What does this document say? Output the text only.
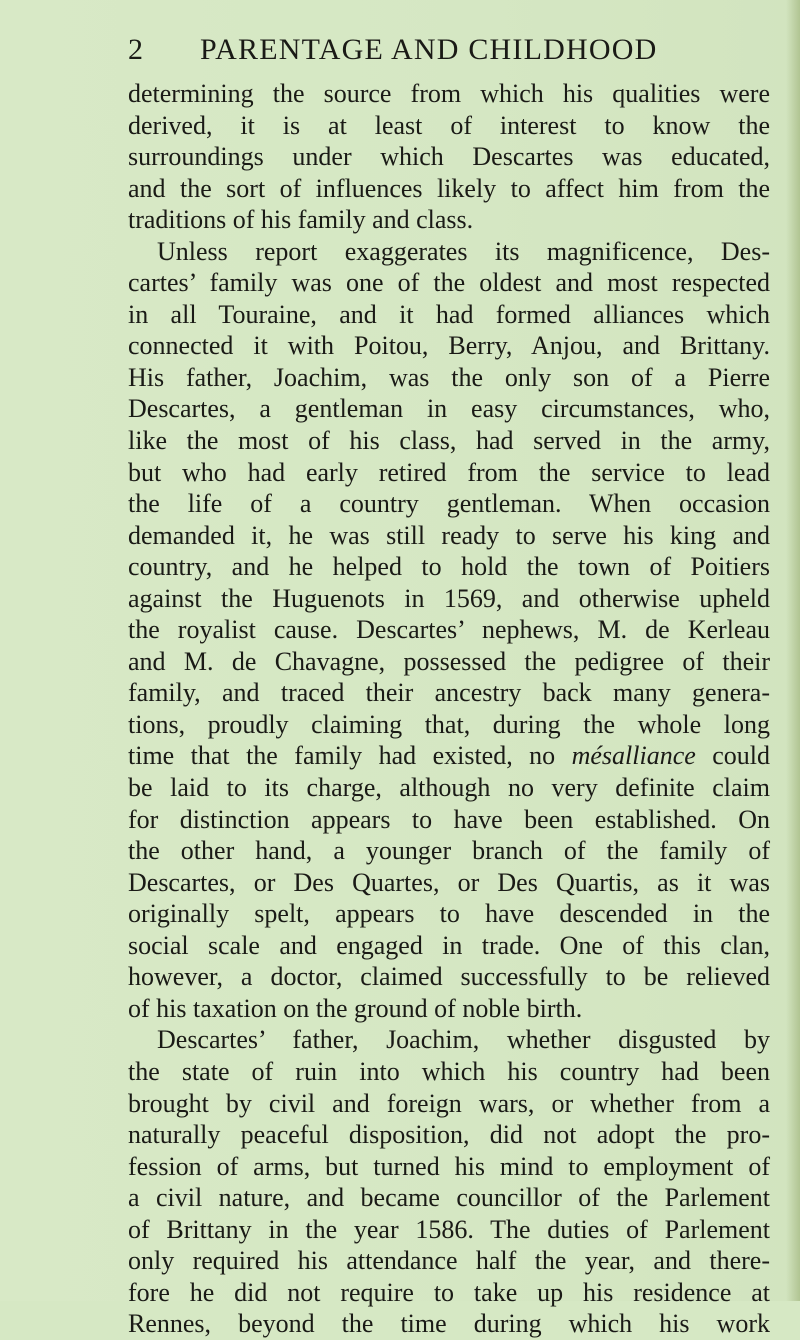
2 PARENTAGE AND CHILDHOOD
determining the source from which his qualities were
derived, it is at least of interest to know the
surroundings under which Descartes was educated,
and the sort of influences likely to affect him from the
traditions of his family and class.
Unless report exaggerates its magnificence, Des-
cartes’ family was one of the oldest and most respected
in all Touraine, and it had formed alliances which
connected it with Poitou, Berry, Anjou, and Brittany.
His father, Joachim, was the only son of a Pierre
Descartes, a gentleman in easy circumstances, who,
like the most of his class, had served in the army,
but who had early retired from the service to lead
the life of a country gentleman. When occasion
demanded it, he was still ready to serve his king and
country, and he helped to hold the town of Poitiers
against the Huguenots in 1569, and otherwise upheld
the royalist cause. Descartes’ nephews, M. de Kerleau
and M. de Chavagne, possessed the pedigree of their
family, and traced their ancestry back many genera-
tions, proudly claiming that, during the whole long
time that the family had existed, no mésalliance could
be laid to its charge, although no very definite claim
for distinction appears to have been established. On
the other hand, a younger branch of the family of
Descartes, or Des Quartes, or Des Quartis, as it was
originally spelt, appears to have descended in the
social scale and engaged in trade. One of this clan,
however, a doctor, claimed successfully to be relieved
of his taxation on the ground of noble birth.
Descartes’ father, Joachim, whether disgusted by
the state of ruin into which his country had been
brought by civil and foreign wars, or whether from a
naturally peaceful disposition, did not adopt the pro-
fession of arms, but turned his mind to employment of
a civil nature, and became councillor of the Parlement
of Brittany in the year 1586. The duties of Parlement
only required his attendance half the year, and there-
fore he did not require to take up his residence at
Rennes, beyond the time during which his work
